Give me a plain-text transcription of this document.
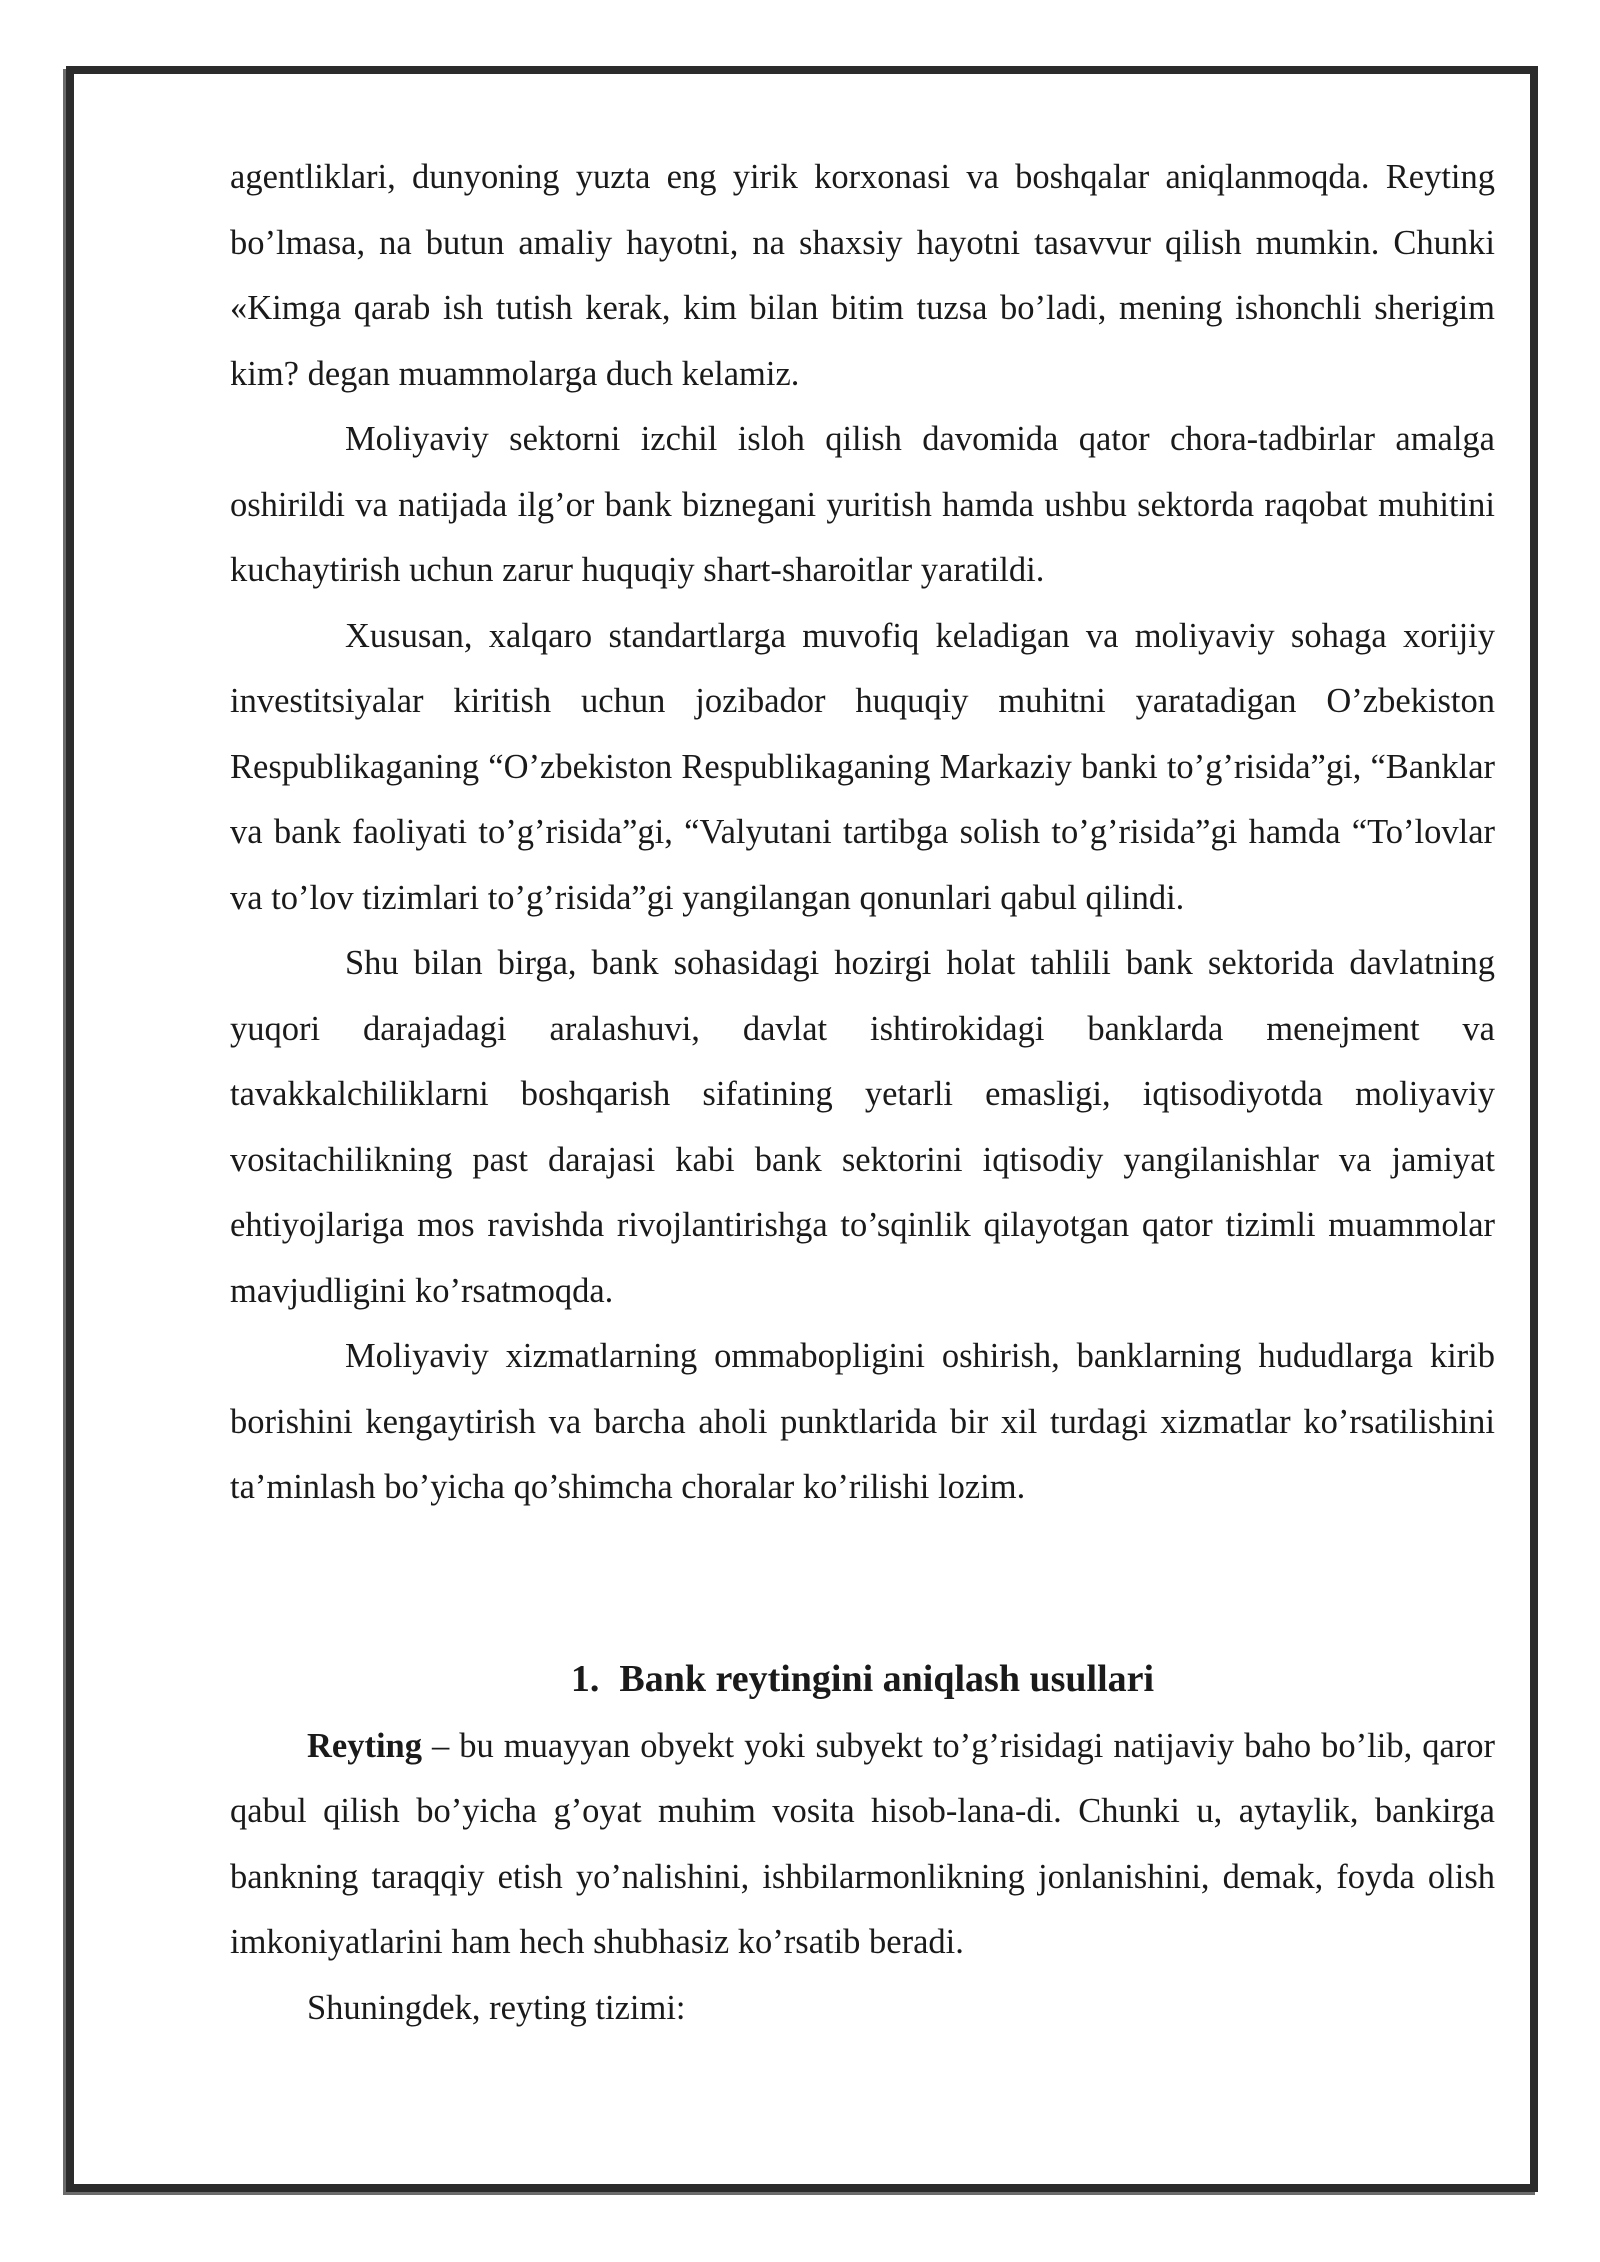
agentliklari, dunyoning yuzta eng yirik korxonasi va boshqalar aniqlanmoqda. Reyting bo’lmasa, na butun amaliy hayotni, na shaxsiy hayotni tasavvur qilish mumkin. Chunki «Kimga qarab ish tutish kerak, kim bilan bitim tuzsa bo’ladi, mening ishonchli sherigim kim? degan muammolarga duch kelamiz.

Moliyaviy sektorni izchil isloh qilish davomida qator chora-tadbirlar amalga oshirildi va natijada ilg’or bank biznegani yuritish hamda ushbu sektorda raqobat muhitini kuchaytirish uchun zarur huquqiy shart-sharoitlar yaratildi.

Xususan, xalqaro standartlarga muvofiq keladigan va moliyaviy sohaga xorijiy investitsiyalar kiritish uchun jozibador huquqiy muhitni yaratadigan O’zbekiston Respublikaganing “O’zbekiston Respublikaganing Markaziy banki to’g’risida”gi, “Banklar va bank faoliyati to’g’risida”gi, “Valyutani tartibga solish to’g’risida”gi hamda “To’lovlar va to’lov tizimlari to’g’risida”gi yangilangan qonunlari qabul qilindi.

Shu bilan birga, bank sohasidagi hozirgi holat tahlili bank sektorida davlatning yuqori darajadagi aralashuvi, davlat ishtirokidagi banklarda menejment va tavakkalchiliklarni boshqarish sifatining yetarli emasligi, iqtisodiyotda moliyaviy vositachilikning past darajasi kabi bank sektorini iqtisodiy yangilanishlar va jamiyat ehtiyojlariga mos ravishda rivojlantirishga to’sqinlik qilayotgan qator tizimli muammolar mavjudligini ko’rsatmoqda.

Moliyaviy xizmatlarning ommabopligini oshirish, banklarning hududlarga kirib borishini kengaytirish va barcha aholi punktlarida bir xil turdagi xizmatlar ko’rsatilishini ta’minlash bo’yicha qo’shimcha choralar ko’rilishi lozim.

1. Bank reytingini aniqlash usullari

Reyting – bu muayyan obyekt yoki subyekt to’g’risidagi natijaviy baho bo’lib, qaror qabul qilish bo’yicha g’oyat muhim vosita hisob-lana-di. Chunki u, aytaylik, bankirga bankning taraqqiy etish yo’nalishini, ishbilarmonlikning jonlanishini, demak, foyda olish imkoniyatlarini ham hech shubhasiz ko’rsatib beradi.

Shuningdek, reyting tizimi:
